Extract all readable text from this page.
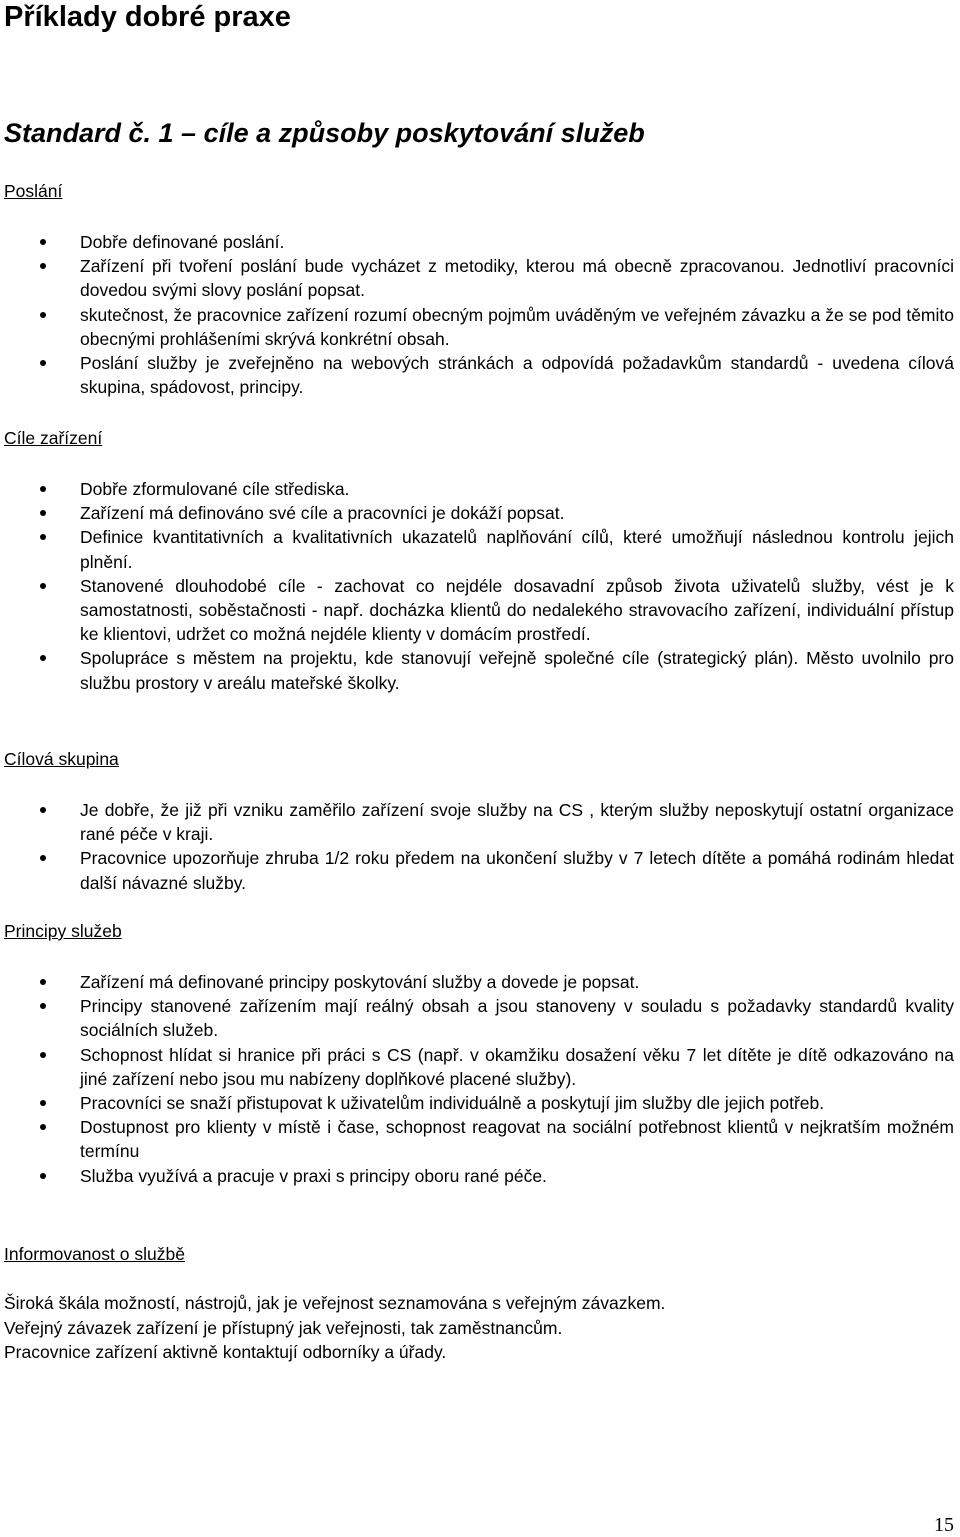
Příklady dobré praxe
Standard č. 1 – cíle a způsoby poskytování služeb
Poslání
Dobře definované poslání.
Zařízení při tvoření poslání bude vycházet z metodiky, kterou má obecně zpracovanou. Jednotliví pracovníci dovedou svými slovy poslání popsat.
skutečnost, že pracovnice zařízení rozumí obecným pojmům uváděným ve veřejném závazku a že se pod těmito obecnými prohlášeními skrývá konkrétní obsah.
Poslání služby je zveřejněno na webových stránkách a odpovídá požadavkům standardů - uvedena cílová skupina, spádovost, principy.
Cíle zařízení
Dobře zformulované cíle střediska.
Zařízení má definováno své cíle a pracovníci je dokáží popsat.
Definice kvantitativních a kvalitativních ukazatelů naplňování cílů, které umožňují následnou kontrolu jejich plnění.
Stanovené dlouhodobé cíle - zachovat co nejdéle dosavadní způsob života uživatelů služby, vést je k samostatnosti, soběstačnosti - např. docházka klientů do nedalekého stravovacího zařízení, individuální přístup ke klientovi, udržet co možná nejdéle klienty v domácím prostředí.
Spolupráce s městem na projektu, kde stanovují veřejně společné cíle (strategický plán). Město uvolnilo pro službu prostory v areálu mateřské školky.
Cílová skupina
Je dobře, že již při vzniku zaměřilo zařízení svoje služby na CS , kterým služby neposkytují ostatní organizace rané péče v kraji.
Pracovnice upozorňuje zhruba 1/2 roku předem na ukončení služby v 7 letech dítěte a pomáhá rodinám hledat další návazné služby.
Principy služeb
Zařízení má definované principy poskytování služby a dovede je popsat.
Principy stanovené zařízením mají reálný obsah a jsou stanoveny v souladu s požadavky standardů kvality sociálních služeb.
Schopnost hlídat si hranice při práci s CS (např. v okamžiku dosažení věku 7 let dítěte je dítě odkazováno na jiné zařízení nebo jsou mu nabízeny doplňkové placené služby).
Pracovníci se snaží přistupovat k uživatelům individuálně a poskytují jim služby dle jejich potřeb.
Dostupnost pro klienty v místě i čase, schopnost reagovat na sociální potřebnost klientů v nejkratším možném termínu
Služba využívá a pracuje v praxi s principy oboru rané péče.
Informovanost o službě

Široká škála možností, nástrojů, jak je veřejnost seznamována s veřejným závazkem.

Veřejný závazek zařízení je přístupný jak veřejnosti, tak zaměstnancům.

Pracovnice zařízení aktivně kontaktují odborníky a úřady.

15
